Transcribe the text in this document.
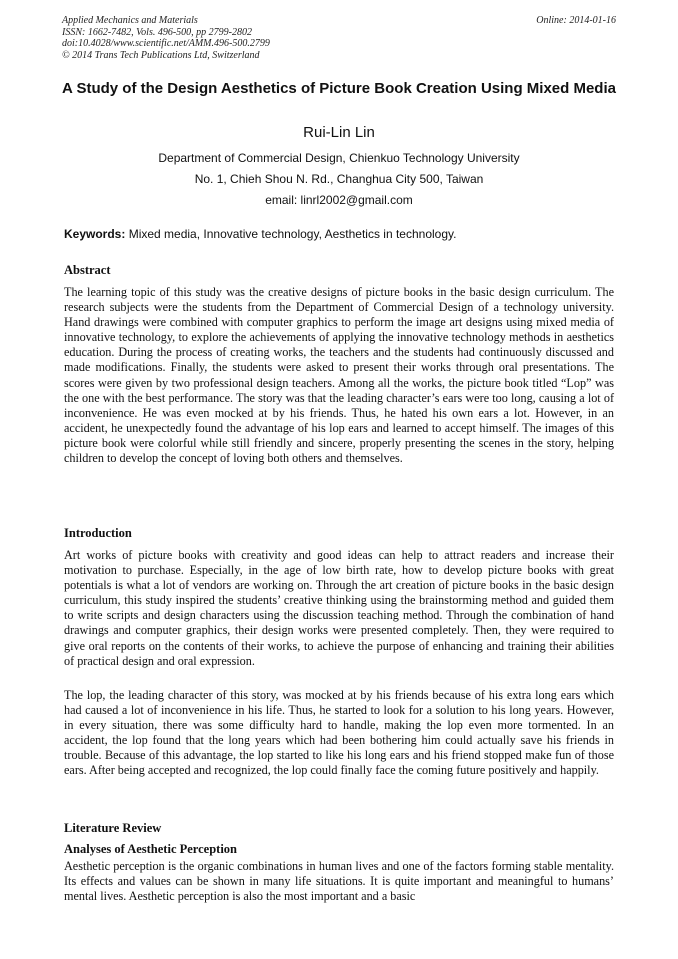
Applied Mechanics and Materials
ISSN: 1662-7482, Vols. 496-500, pp 2799-2802
doi:10.4028/www.scientific.net/AMM.496-500.2799
© 2014 Trans Tech Publications Ltd, Switzerland
Online: 2014-01-16
A Study of the Design Aesthetics of Picture Book Creation Using Mixed Media
Rui-Lin Lin
Department of Commercial Design, Chienkuo Technology University
No. 1, Chieh Shou N. Rd., Changhua City 500, Taiwan
email: linrl2002@gmail.com
Keywords: Mixed media, Innovative technology, Aesthetics in technology.
Abstract
The learning topic of this study was the creative designs of picture books in the basic design curriculum. The research subjects were the students from the Department of Commercial Design of a technology university. Hand drawings were combined with computer graphics to perform the image art designs using mixed media of innovative technology, to explore the achievements of applying the innovative technology methods in aesthetics education. During the process of creating works, the teachers and the students had continuously discussed and made modifications. Finally, the students were asked to present their works through oral presentations. The scores were given by two professional design teachers. Among all the works, the picture book titled “Lop” was the one with the best performance. The story was that the leading character’s ears were too long, causing a lot of inconvenience. He was even mocked at by his friends. Thus, he hated his own ears a lot. However, in an accident, he unexpectedly found the advantage of his lop ears and learned to accept himself. The images of this picture book were colorful while still friendly and sincere, properly presenting the scenes in the story, helping children to develop the concept of loving both others and themselves.
Introduction
Art works of picture books with creativity and good ideas can help to attract readers and increase their motivation to purchase. Especially, in the age of low birth rate, how to develop picture books with great potentials is what a lot of vendors are working on. Through the art creation of picture books in the basic design curriculum, this study inspired the students’ creative thinking using the brainstorming method and guided them to write scripts and design characters using the discussion teaching method. Through the combination of hand drawings and computer graphics, their design works were presented completely. Then, they were required to give oral reports on the contents of their works, to achieve the purpose of enhancing and training their abilities of practical design and oral expression.
The lop, the leading character of this story, was mocked at by his friends because of his extra long ears which had caused a lot of inconvenience in his life. Thus, he started to look for a solution to his long years. However, in every situation, there was some difficulty hard to handle, making the lop even more tormented. In an accident, the lop found that the long years which had been bothering him could actually save his friends in trouble. Because of this advantage, the lop started to like his long ears and his friend stopped make fun of those ears. After being accepted and recognized, the lop could finally face the coming future positively and happily.
Literature Review
Analyses of Aesthetic Perception
Aesthetic perception is the organic combinations in human lives and one of the factors forming stable mentality. Its effects and values can be shown in many life situations. It is quite important and meaningful to humans’ mental lives. Aesthetic perception is also the most important and a basic
